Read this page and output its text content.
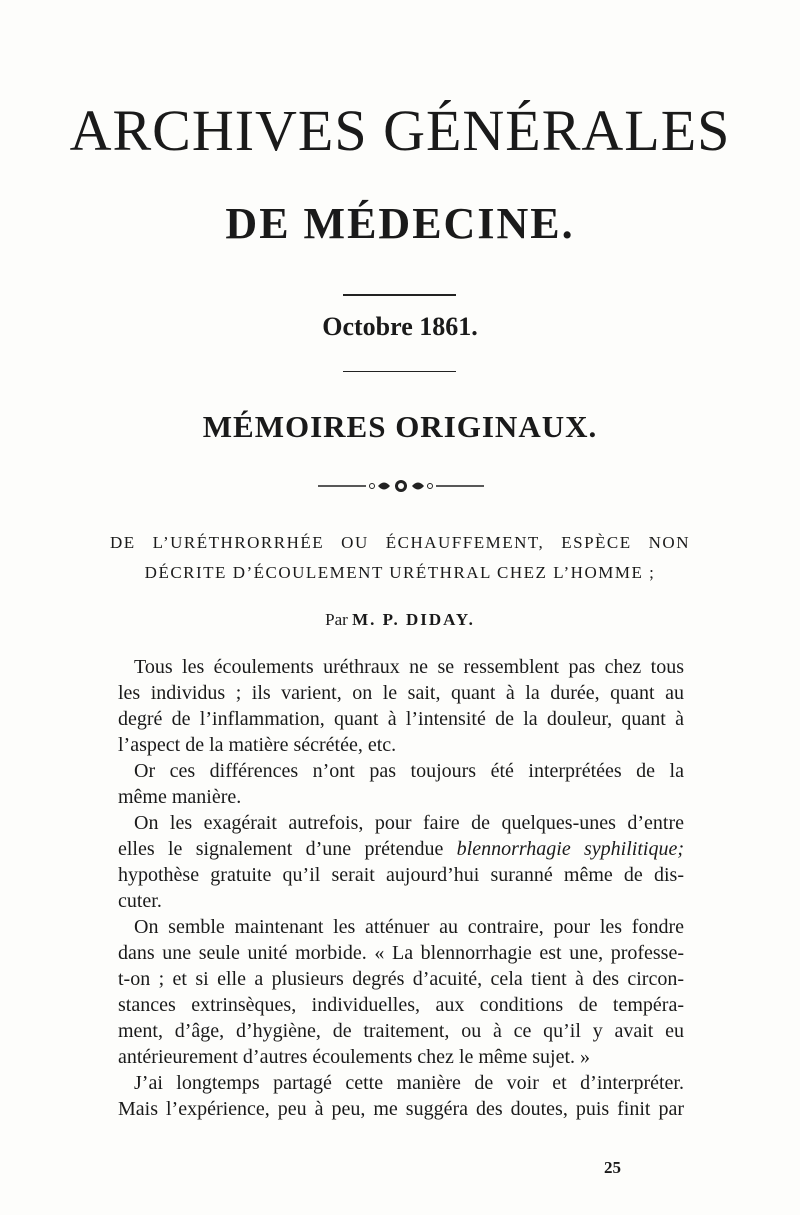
ARCHIVES GÉNÉRALES
DE MÉDECINE.
Octobre 1861.
MÉMOIRES ORIGINAUX.
DE L’URÉTHRORRHÉE OU ÉCHAUFFEMENT, ESPÈCE NON
DÉCRITE D’ÉCOULEMENT URÉTHRAL CHEZ L’HOMME ;
Par M. P. DIDAY.
Tous les écoulements uréthraux ne se ressemblent pas chez tous
les individus ; ils varient, on le sait, quant à la durée, quant au
degré de l’inflammation, quant à l’intensité de la douleur, quant à
l’aspect de la matière sécrétée, etc.
Or ces différences n’ont pas toujours été interprétées de la
même manière.
On les exagérait autrefois, pour faire de quelques-unes d’entre
elles le signalement d’une prétendue blennorrhagie syphilitique;
hypothèse gratuite qu’il serait aujourd’hui suranné même de dis-
cuter.
On semble maintenant les atténuer au contraire, pour les fondre
dans une seule unité morbide. « La blennorrhagie est une, professe-
t-on ; et si elle a plusieurs degrés d’acuité, cela tient à des circon-
stances extrinsèques, individuelles, aux conditions de tempéra-
ment, d’âge, d’hygiène, de traitement, ou à ce qu’il y avait eu
antérieurement d’autres écoulements chez le même sujet. »
J’ai longtemps partagé cette manière de voir et d’interpréter.
Mais l’expérience, peu à peu, me suggéra des doutes, puis finit par
25
